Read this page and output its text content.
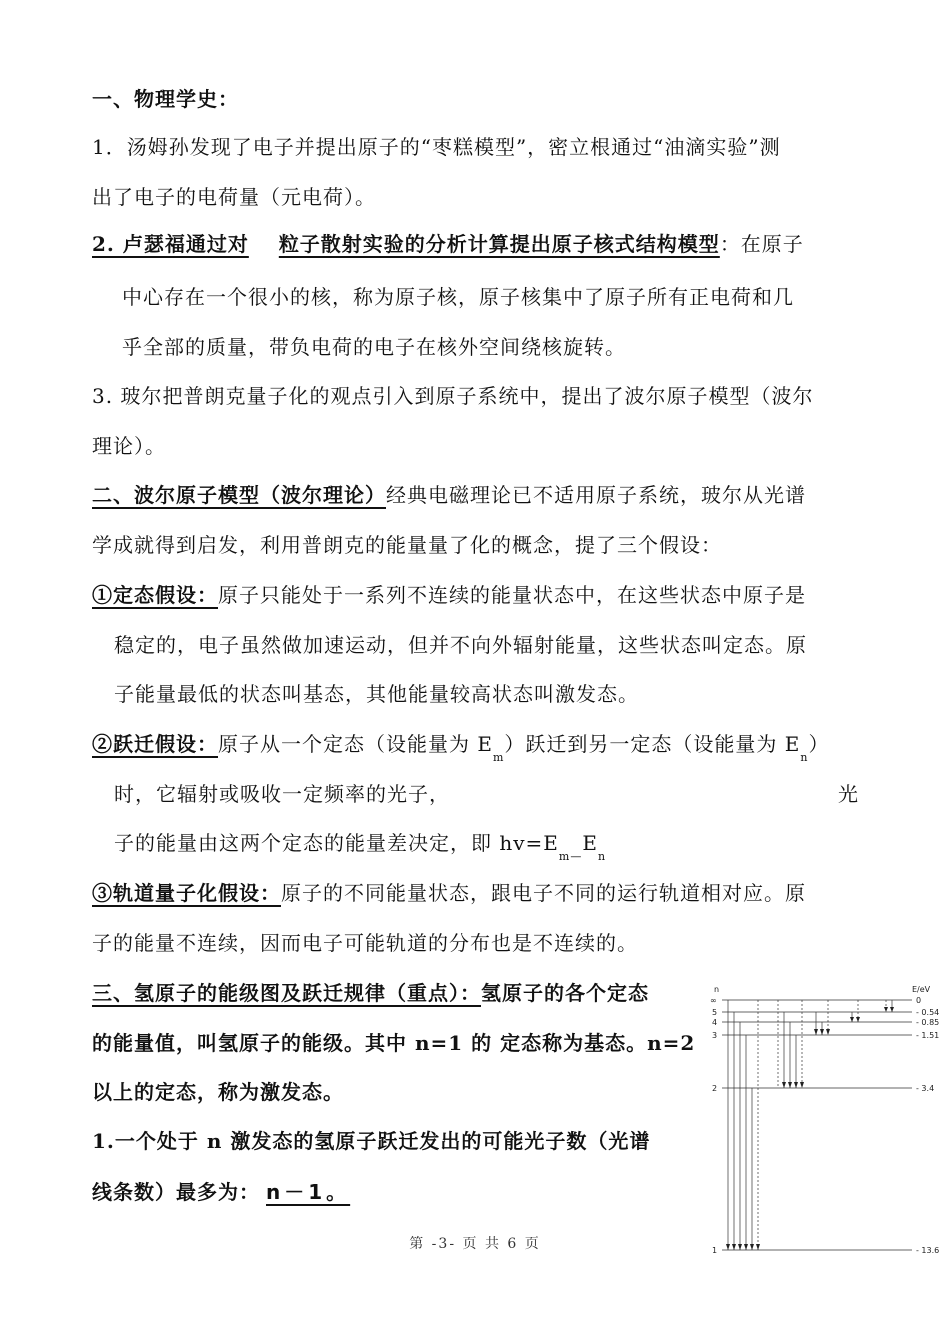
一、物理学史：
1．汤姆孙发现了电子并提出原子的“枣糕模型”，密立根通过“油滴实验”测
出了电子的电荷量（元电荷）。
2. 卢瑟福通过对 粒子散射实验的分析计算提出原子核式结构模型：在原子
中心存在一个很小的核，称为原子核，原子核集中了原子所有正电荷和几
乎全部的质量，带负电荷的电子在核外空间绕核旋转。
3. 玻尔把普朗克量子化的观点引入到原子系统中，提出了波尔原子模型（波尔
理论）。
二、波尔原子模型（波尔理论）经典电磁理论已不适用原子系统，玻尔从光谱
学成就得到启发，利用普朗克的能量量了化的概念，提了三个假设：
①定态假设：原子只能处于一系列不连续的能量状态中，在这些状态中原子是
稳定的，电子虽然做加速运动，但并不向外辐射能量，这些状态叫定态。原
子能量最低的状态叫基态，其他能量较高状态叫激发态。
②跃迁假设：原子从一个定态（设能量为 $E_m$）跃迁到另一定态（设能量为 $E_n$）
时，它辐射或吸收一定频率的光子，	光
子的能量由这两个定态的能量差决定，即 $hv=E_{m—}E_n$
③轨道量子化假设：原子的不同能量状态，跟电子不同的运行轨道相对应。原
子的能量不连续，因而电子可能轨道的分布也是不连续的。
三、氢原子的能级图及跃迁规律（重点）：氢原子的各个定态
的能量值，叫氢原子的能级。其中 n=1 的 定态称为基态。n=2
以上的定态，称为激发态。
1.一个处于 n 激发态的氢原子跃迁发出的可能光子数（光谱
线条数）最多为： n－1。
n	E/eV
∞
5
4
3
2
1
0
- 0.54
- 0.85
- 1.51
- 3.4
- 13.6
第 -3- 页 共 6 页
